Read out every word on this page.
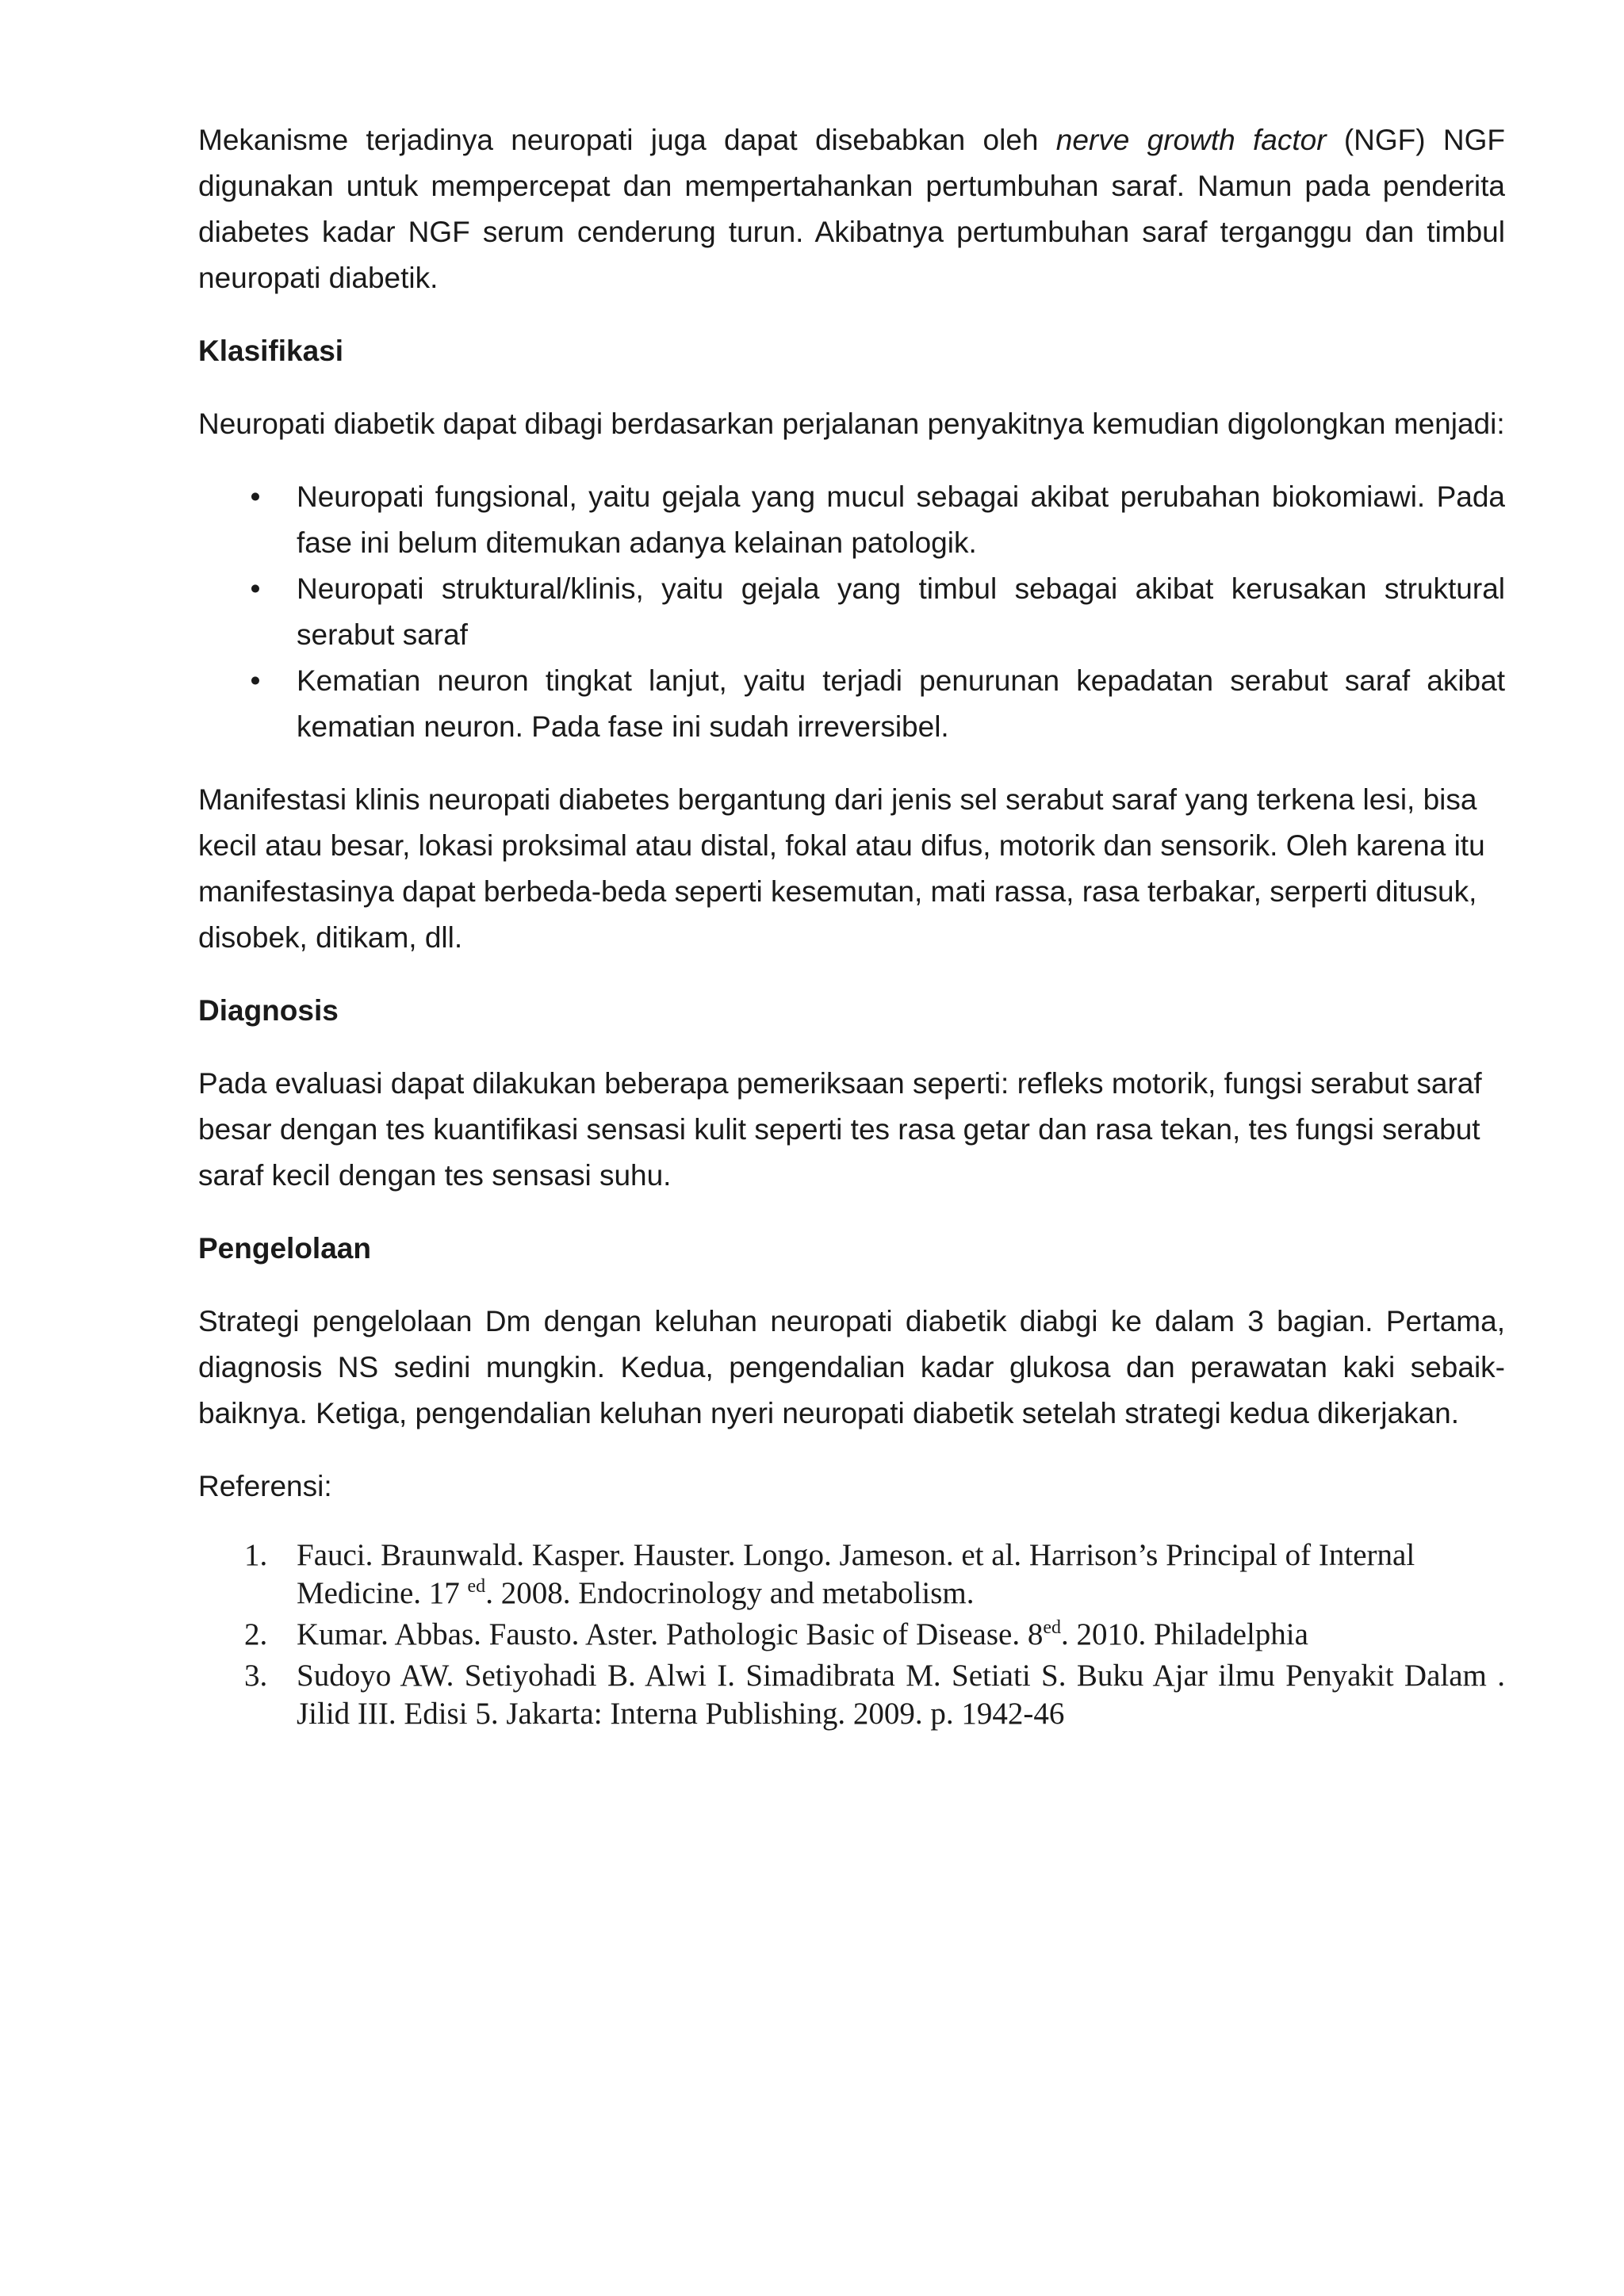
Mekanisme terjadinya neuropati juga dapat disebabkan oleh nerve growth factor (NGF) NGF digunakan untuk mempercepat dan mempertahankan pertumbuhan saraf. Namun pada penderita diabetes kadar NGF serum cenderung turun. Akibatnya pertumbuhan saraf terganggu dan timbul neuropati diabetik.

Klasifikasi

Neuropati diabetik dapat dibagi berdasarkan perjalanan penyakitnya kemudian digolongkan menjadi:

• Neuropati fungsional, yaitu gejala yang mucul sebagai akibat perubahan biokomiawi. Pada fase ini belum ditemukan adanya kelainan patologik.
• Neuropati struktural/klinis, yaitu gejala yang timbul sebagai akibat kerusakan struktural serabut saraf
• Kematian neuron tingkat lanjut, yaitu terjadi penurunan kepadatan serabut saraf akibat kematian neuron. Pada fase ini sudah irreversibel.

Manifestasi klinis neuropati diabetes bergantung dari jenis sel serabut saraf yang terkena lesi, bisa kecil atau besar, lokasi proksimal atau distal, fokal atau difus, motorik dan sensorik. Oleh karena itu manifestasinya dapat berbeda-beda seperti kesemutan, mati rassa, rasa terbakar, serperti ditusuk, disobek, ditikam, dll.

Diagnosis

Pada evaluasi dapat dilakukan beberapa pemeriksaan seperti: refleks motorik, fungsi serabut saraf besar dengan tes kuantifikasi sensasi kulit seperti tes rasa getar dan rasa tekan, tes fungsi serabut saraf kecil dengan tes sensasi suhu.

Pengelolaan

Strategi pengelolaan Dm dengan keluhan neuropati diabetik diabgi ke dalam 3 bagian. Pertama, diagnosis NS sedini mungkin. Kedua, pengendalian kadar glukosa dan perawatan kaki sebaik-baiknya. Ketiga, pengendalian keluhan nyeri neuropati diabetik setelah strategi kedua dikerjakan.

Referensi:

1. Fauci. Braunwald. Kasper. Hauster. Longo. Jameson. et al. Harrison’s Principal of Internal Medicine. 17 $^{ed}$. 2008. Endocrinology and metabolism.
2. Kumar. Abbas. Fausto. Aster. Pathologic Basic of Disease. $8^{ed}$. 2010. Philadelphia
3. Sudoyo AW. Setiyohadi B. Alwi I. Simadibrata M. Setiati S. Buku Ajar ilmu Penyakit Dalam . Jilid III. Edisi 5. Jakarta: Interna Publishing. 2009. p. 1942-46
